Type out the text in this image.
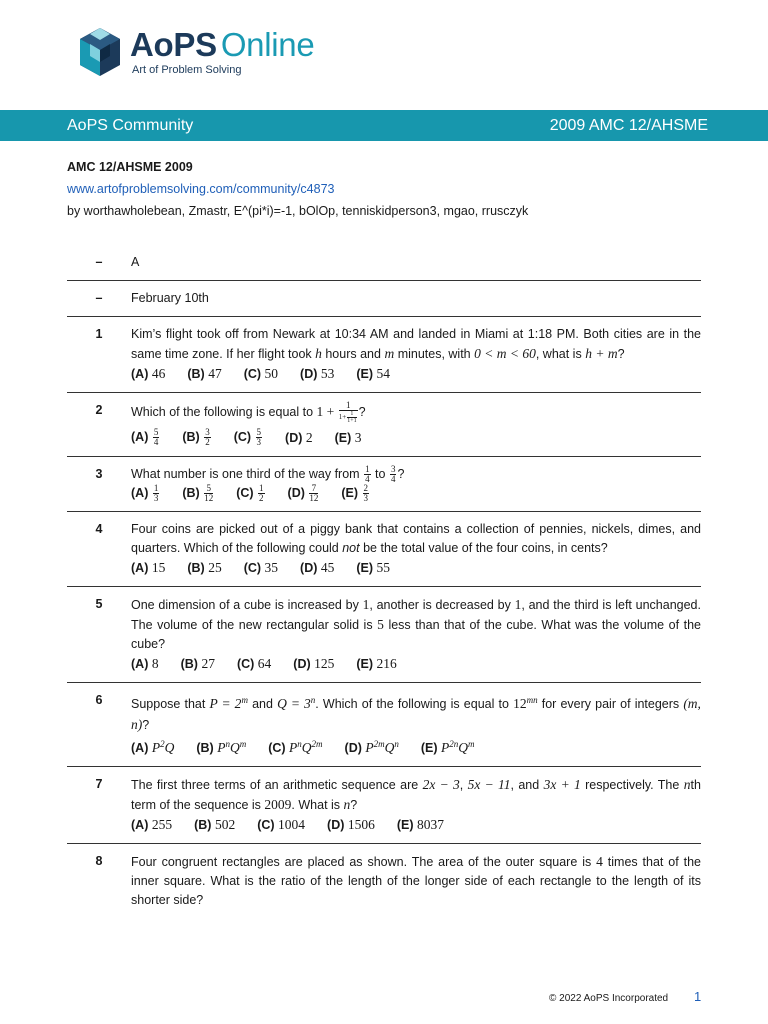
AoPS Online
Art of Problem Solving
AoPS Community	2009 AMC 12/AHSME
AMC 12/AHSME 2009
www.artofproblemsolving.com/community/c4873
by worthawholebean, Zmastr, E^(pi*i)=-1, bOlOp, tenniskidperson3, mgao, rrusczyk
–	A
–	February 10th
1	Kim’s flight took off from Newark at 10:34 AM and landed in Miami at 1:18 PM. Both cities are in the same time zone. If her flight took h hours and m minutes, with 0 < m < 60, what is h + m?
(A) 46 (B) 47 (C) 50 (D) 53 (E) 54
2	Which of the following is equal to $1 + \frac{1}{1+ \frac{1}{1+1}}$ ?
$(A) \frac{5}{4} (B) \frac{3}{2} (C) \frac{5}{3} (D)$ 2 (E) 3
3	What number is one third of the way from $\frac{1}{4}$ to $\frac{3}{4}$ ?
$(A) \frac{1}{3} (B) \frac{5}{12} (C) \frac{1}{2} (D) \frac{7}{12} (E) \frac{2}{3}$
4	Four coins are picked out of a piggy bank that contains a collection of pennies, nickels, dimes, and quarters. Which of the following could not be the total value of the four coins, in cents?
(A) 15 (B) 25 (C) 35 (D) 45 (E) 55
5	One dimension of a cube is increased by 1, another is decreased by 1, and the third is left unchanged. The volume of the new rectangular solid is 5 less than that of the cube. What was the volume of the cube?
(A) 8 (B) 27 (C) 64 (D) 125 (E) 216
6	Suppose that $P = 2^m$ and $Q = 3^n$. Which of the following is equal to $12^{mn}$ for every pair of integers (m, n)?
(A) $P^2Q$ (B) $P^nQ^m$ (C) $P^nQ^{2m}$ (D) $P^{2m}Q^n$ (E) $P^{2n}Q^m$
7	The first three terms of an arithmetic sequence are 2x − 3, 5x − 11, and 3x + 1 respectively. The nth term of the sequence is 2009. What is n?
(A) 255 (B) 502 (C) 1004 (D) 1506 (E) 8037
8	Four congruent rectangles are placed as shown. The area of the outer square is 4 times that of the inner square. What is the ratio of the length of the longer side of each rectangle to the length of its shorter side?
© 2022 AoPS Incorporated 1
